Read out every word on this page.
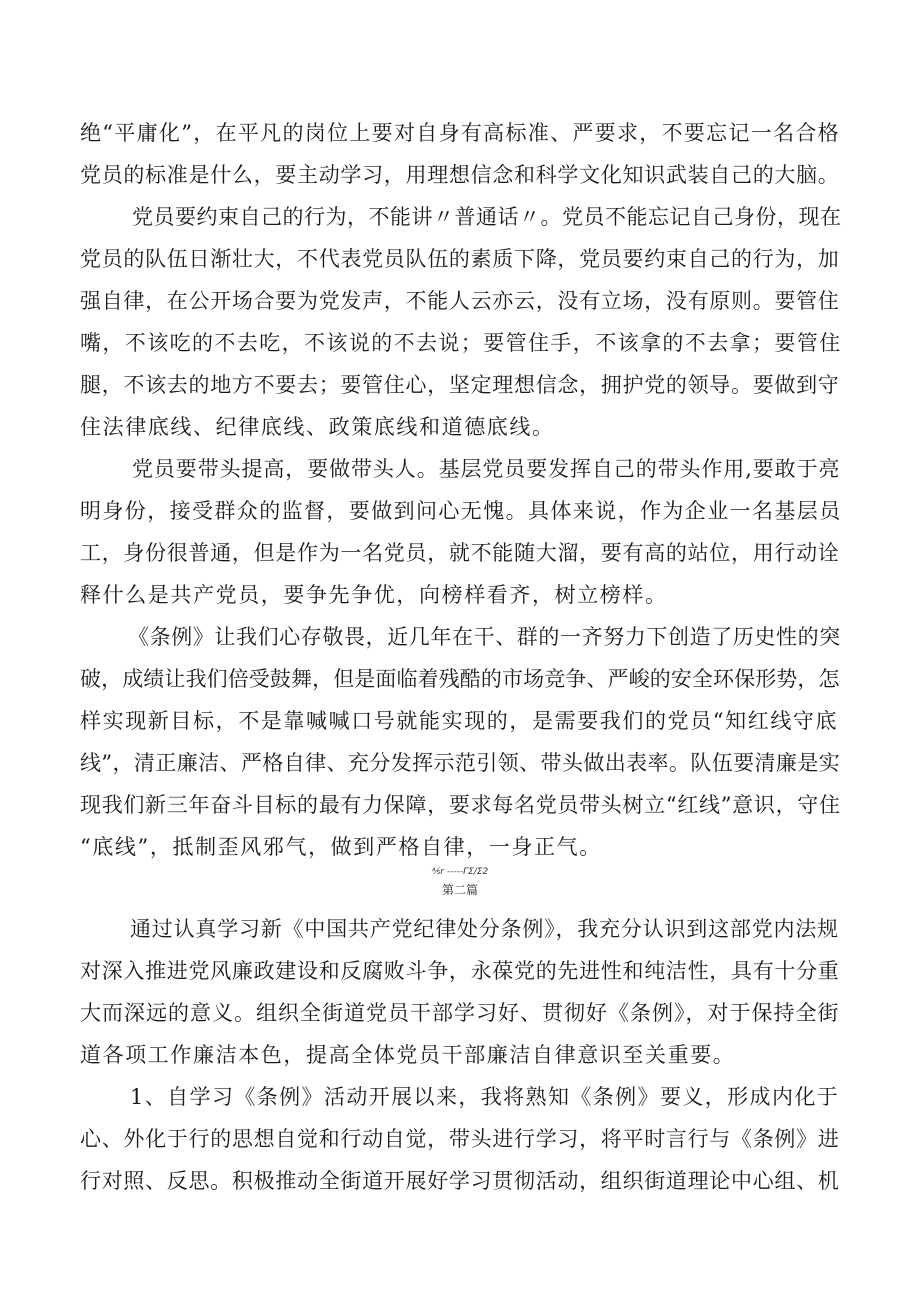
绝“平庸化”，在平凡的岗位上要对自身有高标准、严要求，不要忘记一名合格
党员的标准是什么，要主动学习，用理想信念和科学文化知识武装自己的大脑。
党员要约束自己的行为，不能讲〃普通话〃。党员不能忘记自己身份，现在
党员的队伍日渐壮大，不代表党员队伍的素质下降，党员要约束自己的行为，加
强自律，在公开场合要为党发声，不能人云亦云，没有立场，没有原则。要管住
嘴，不该吃的不去吃，不该说的不去说；要管住手，不该拿的不去拿；要管住
腿，不该去的地方不要去；要管住心，坚定理想信念，拥护党的领导。要做到守
住法律底线、纪律底线、政策底线和道德底线。
党员要带头提高，要做带头人。基层党员要发挥自己的带头作用,要敢于亮
明身份，接受群众的监督，要做到问心无愧。具体来说，作为企业一名基层员
工，身份很普通，但是作为一名党员，就不能随大溜，要有高的站位，用行动诠
释什么是共产党员，要争先争优，向榜样看齐，树立榜样。
《条例》让我们心存敬畏，近几年在干、群的一齐努力下创造了历史性的突
破，成绩让我们倍受鼓舞，但是面临着残酷的市场竞争、严峻的安全环保形势，怎
样实现新目标，不是靠喊喊口号就能实现的，是需要我们的党员“知红线守底
线”，清正廉洁、严格自律、充分发挥示范引领、带头做出表率。队伍要清廉是实
现我们新三年奋斗目标的最有力保障，要求每名党员带头树立“红线”意识，守住
“底线”，抵制歪风邪气，做到严格自律，一身正气。
⅍r -----ΓΣ/Σ2
第二篇
通过认真学习新《中国共产党纪律处分条例》，我充分认识到这部党内法规
对深入推进党风廉政建设和反腐败斗争，永葆党的先进性和纯洁性，具有十分重
大而深远的意义。组织全街道党员干部学习好、贯彻好《条例》，对于保持全街
道各项工作廉洁本色，提高全体党员干部廉洁自律意识至关重要。
1、自学习《条例》活动开展以来，我将熟知《条例》要义，形成内化于
心、外化于行的思想自觉和行动自觉，带头进行学习，将平时言行与《条例》进
行对照、反思。积极推动全街道开展好学习贯彻活动，组织街道理论中心组、机
